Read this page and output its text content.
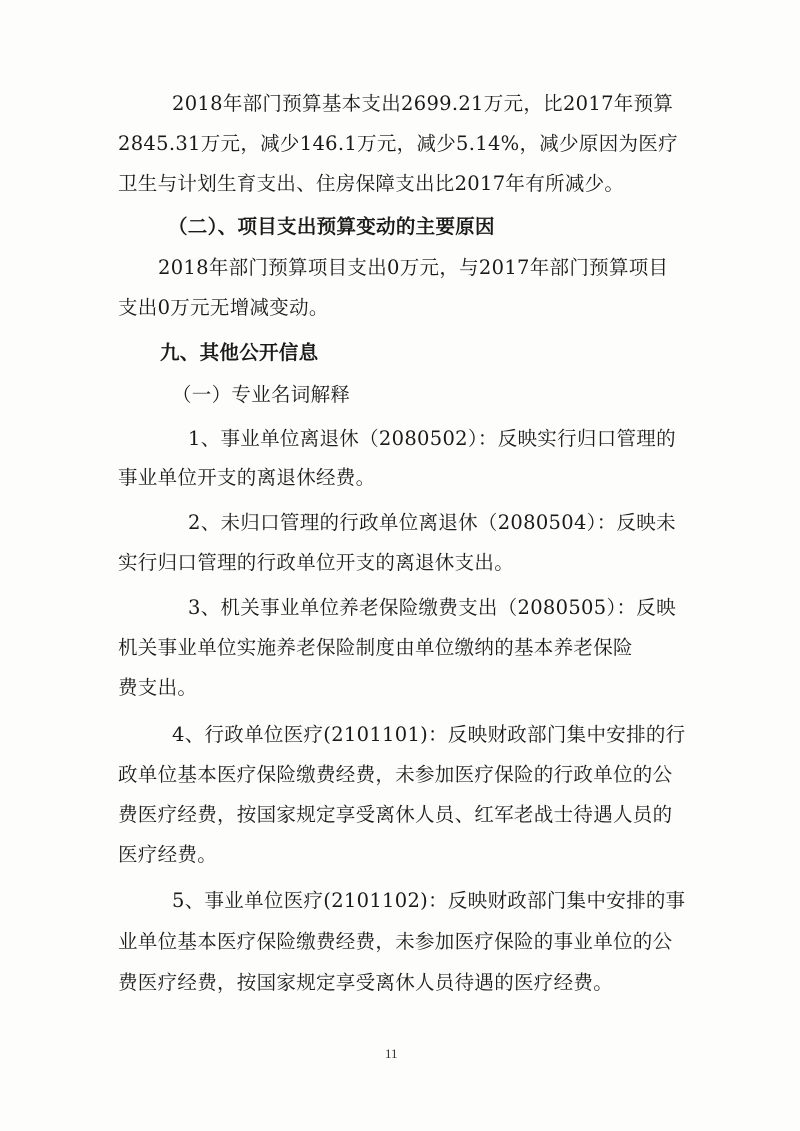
2018年部门预算基本支出2699.21万元，比2017年预算
2845.31万元，减少146.1万元，减少5.14%，减少原因为医疗
卫生与计划生育支出、住房保障支出比2017年有所减少。
（二）、项目支出预算变动的主要原因
2018年部门预算项目支出0万元，与2017年部门预算项目
支出0万元无增减变动。
九、其他公开信息
（一）专业名词解释
1、事业单位离退休（2080502）：反映实行归口管理的
事业单位开支的离退休经费。
2、未归口管理的行政单位离退休（2080504）：反映未
实行归口管理的行政单位开支的离退休支出。
3、机关事业单位养老保险缴费支出（2080505）：反映
机关事业单位实施养老保险制度由单位缴纳的基本养老保险
费支出。
4、行政单位医疗(2101101)：反映财政部门集中安排的行
政单位基本医疗保险缴费经费，未参加医疗保险的行政单位的公
费医疗经费，按国家规定享受离休人员、红军老战士待遇人员的
医疗经费。
5、事业单位医疗(2101102)：反映财政部门集中安排的事
业单位基本医疗保险缴费经费，未参加医疗保险的事业单位的公
费医疗经费，按国家规定享受离休人员待遇的医疗经费。
11
